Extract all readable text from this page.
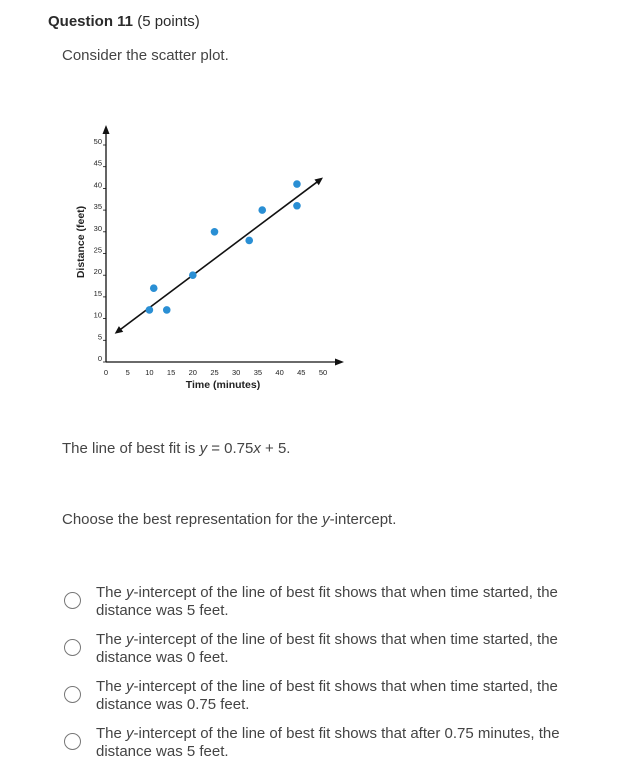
Question 11 (5 points)
Consider the scatter plot.
0
5
10
15
20
25
30
35
40
45
50
0 5 10 15 20 25 30 35 40 45 50
Distance (feet)
Time (minutes)
The line of best fit is y = 0.75x + 5.
Choose the best representation for the y-intercept.
The y-intercept of the line of best fit shows that when time started, the distance was 5 feet.
The y-intercept of the line of best fit shows that when time started, the distance was 0 feet.
The y-intercept of the line of best fit shows that when time started, the distance was 0.75 feet.
The y-intercept of the line of best fit shows that after 0.75 minutes, the distance was 5 feet.
